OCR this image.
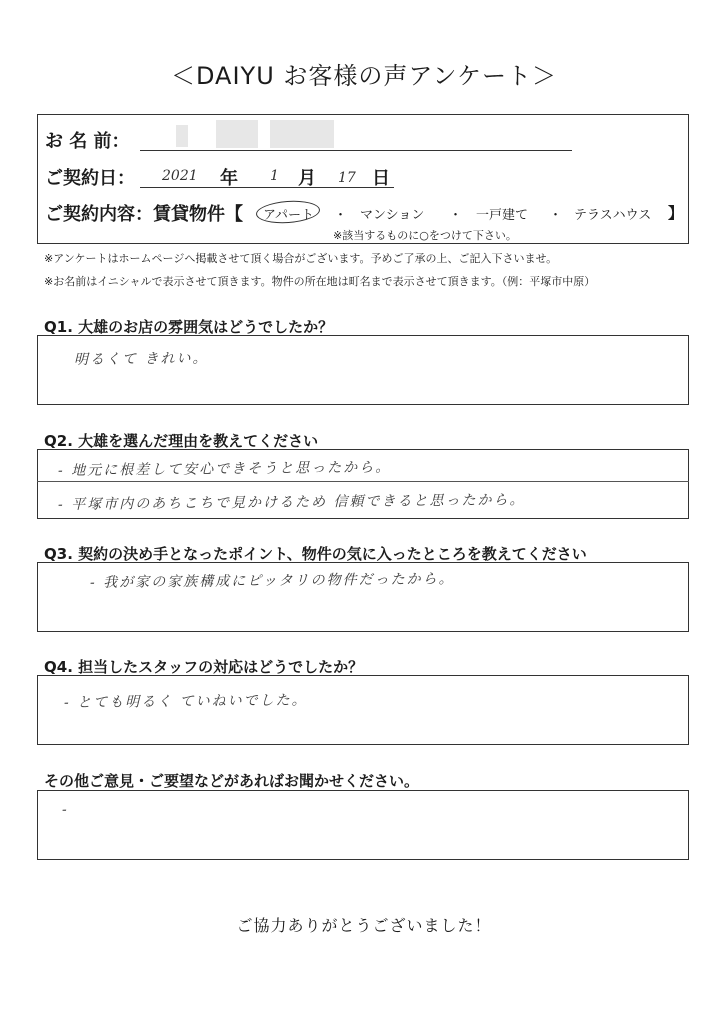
＜DAIYU お客様の声アンケート＞
お 名 前：
ご契約日： 2021 年 1 月 17 日
ご契約内容：賃貸物件【 アパート ・ マンション ・ 一戸建て ・ テラスハウス 】
※該当するものに○をつけて下さい。
※アンケートはホームページへ掲載させて頂く場合がございます。予めご了承の上、ご記入下さいませ。
※お名前はイニシャルで表示させて頂きます。物件の所在地は町名まで表示させて頂きます。（例：平塚市中原）
Q1. 大雄のお店の雰囲気はどうでしたか？
明るくて きれい。
Q2. 大雄を選んだ理由を教えてください
- 地元に根差して安心できそうと思ったから。
- 平塚市内のあちこちで見かけるため 信頼できると思ったから。
Q3. 契約の決め手となったポイント、物件の気に入ったところを教えてください
- 我が家の家族構成にピッタリの物件だったから。
Q4. 担当したスタッフの対応はどうでしたか？
- とても明るく ていねいでした。
その他ご意見・ご要望などがあればお聞かせください。
-
ご協力ありがとうございました！
